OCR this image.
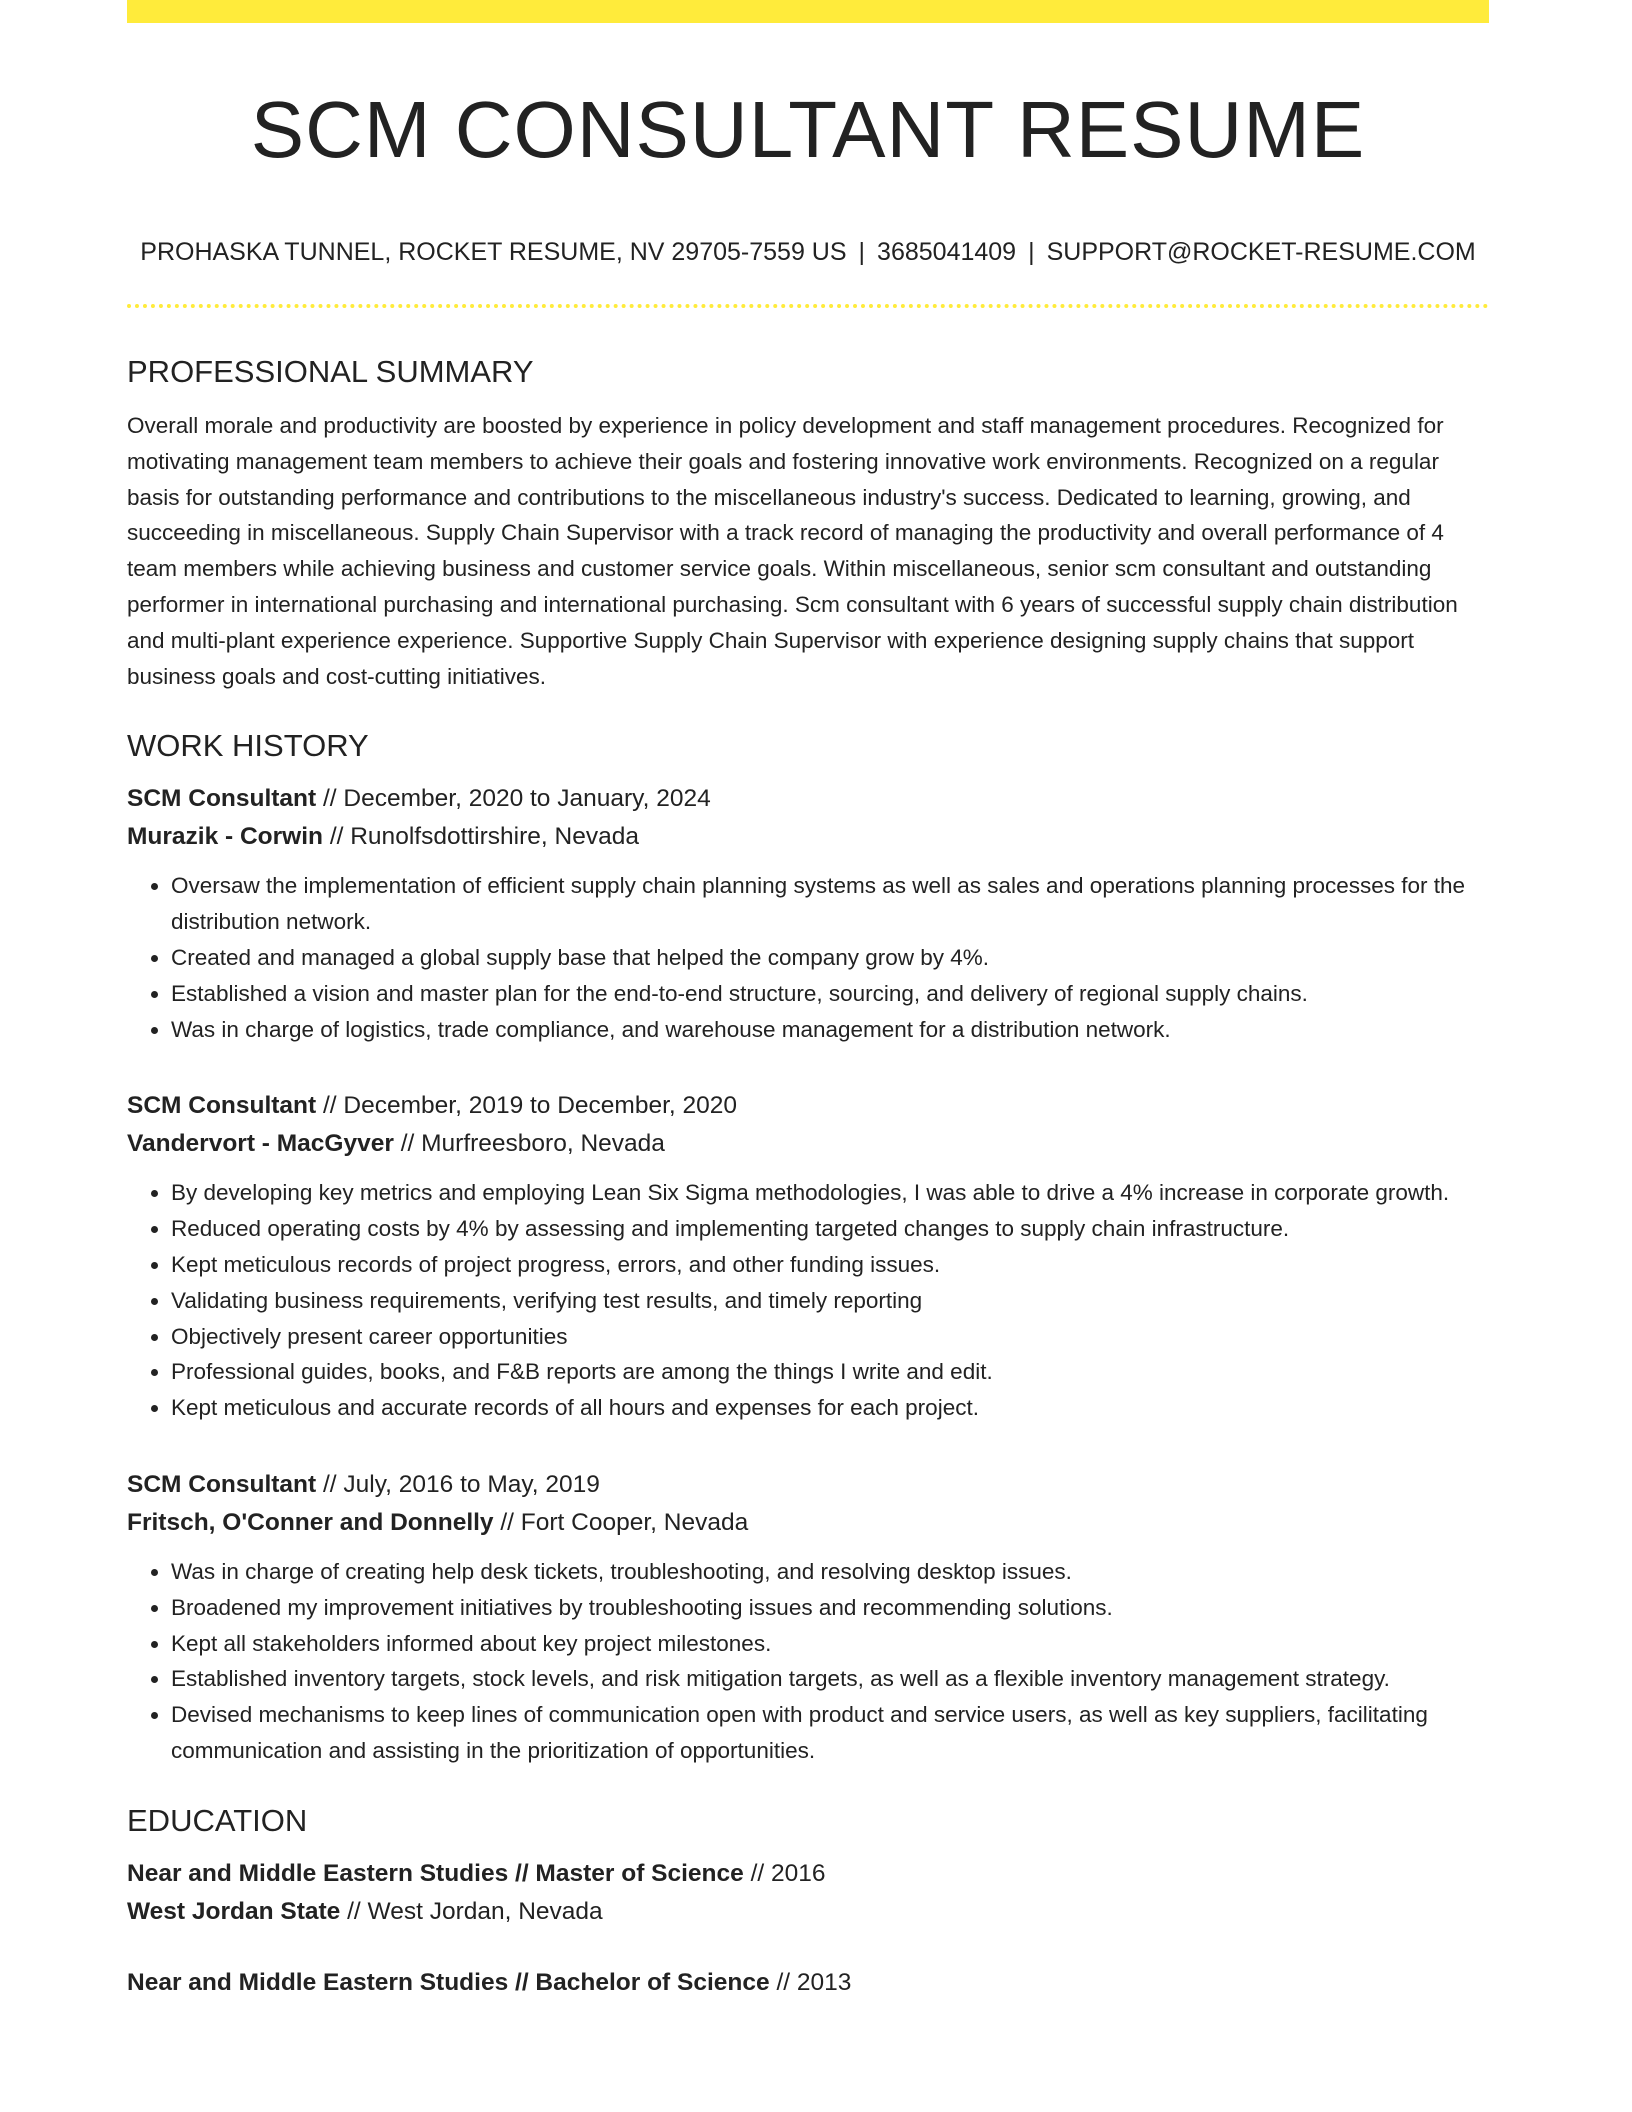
SCM CONSULTANT RESUME
PROHASKA TUNNEL, ROCKET RESUME, NV 29705-7559 US | 3685041409 | SUPPORT@ROCKET-RESUME.COM
PROFESSIONAL SUMMARY

Overall morale and productivity are boosted by experience in policy development and staff management procedures. Recognized for motivating management team members to achieve their goals and fostering innovative work environments. Recognized on a regular basis for outstanding performance and contributions to the miscellaneous industry's success. Dedicated to learning, growing, and succeeding in miscellaneous. Supply Chain Supervisor with a track record of managing the productivity and overall performance of 4 team members while achieving business and customer service goals. Within miscellaneous, senior scm consultant and outstanding performer in international purchasing and international purchasing. Scm consultant with 6 years of successful supply chain distribution and multi-plant experience experience. Supportive Supply Chain Supervisor with experience designing supply chains that support business goals and cost-cutting initiatives.

WORK HISTORY
SCM Consultant // December, 2020 to January, 2024
Murazik - Corwin // Runolfsdottirshire, Nevada
• Oversaw the implementation of efficient supply chain planning systems as well as sales and operations planning processes for the distribution network.
• Created and managed a global supply base that helped the company grow by 4%.
• Established a vision and master plan for the end-to-end structure, sourcing, and delivery of regional supply chains.
• Was in charge of logistics, trade compliance, and warehouse management for a distribution network.
SCM Consultant // December, 2019 to December, 2020
Vandervort - MacGyver // Murfreesboro, Nevada
• By developing key metrics and employing Lean Six Sigma methodologies, I was able to drive a 4% increase in corporate growth.
• Reduced operating costs by 4% by assessing and implementing targeted changes to supply chain infrastructure.
• Kept meticulous records of project progress, errors, and other funding issues.
• Validating business requirements, verifying test results, and timely reporting
• Objectively present career opportunities
• Professional guides, books, and F&B reports are among the things I write and edit.
• Kept meticulous and accurate records of all hours and expenses for each project.
SCM Consultant // July, 2016 to May, 2019
Fritsch, O'Conner and Donnelly // Fort Cooper, Nevada
• Was in charge of creating help desk tickets, troubleshooting, and resolving desktop issues.
• Broadened my improvement initiatives by troubleshooting issues and recommending solutions.
• Kept all stakeholders informed about key project milestones.
• Established inventory targets, stock levels, and risk mitigation targets, as well as a flexible inventory management strategy.
• Devised mechanisms to keep lines of communication open with product and service users, as well as key suppliers, facilitating communication and assisting in the prioritization of opportunities.
EDUCATION
Near and Middle Eastern Studies // Master of Science // 2016
West Jordan State // West Jordan, Nevada
Near and Middle Eastern Studies // Bachelor of Science // 2013
